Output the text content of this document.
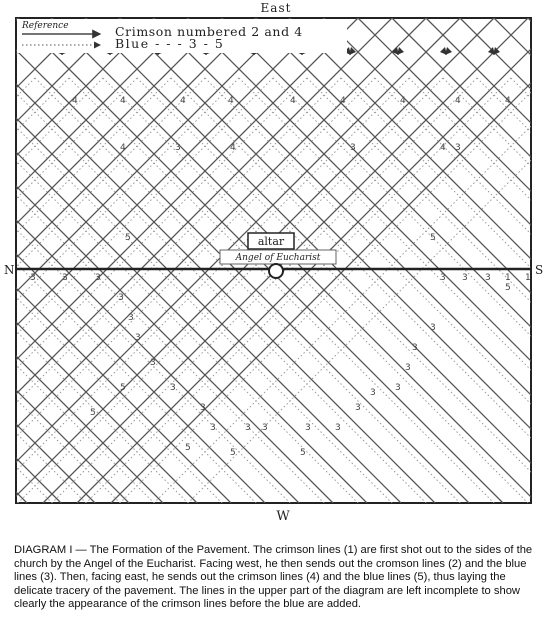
Reference	Crimson numbered 2 and 4
Blue - - - 3 - 5
East
W
N	S
altar
Angel of Eucharist
4	4	4	4	4	4	4	4	4
4	4	4
3	3	3
5	5
5
3	3	3
3
3
3
3
3 3 3 1 1
3
3
3
3
3
3
3	3 3	3	3
3
3
5	5	5
5
5
DIAGRAM I — The Formation of the Pavement. The crimson lines (1) are first shot out to the sides of the church by the Angel of the Eucharist. Facing west, he then sends out the cromson lines (2) and the blue lines (3). Then, facing east, he sends out the crimson lines (4) and the blue lines (5), thus laying the delicate tracery of the pavement. The lines in the upper part of the diagram are left incomplete to show clearly the appearance of the crimson lines before the blue are added.
